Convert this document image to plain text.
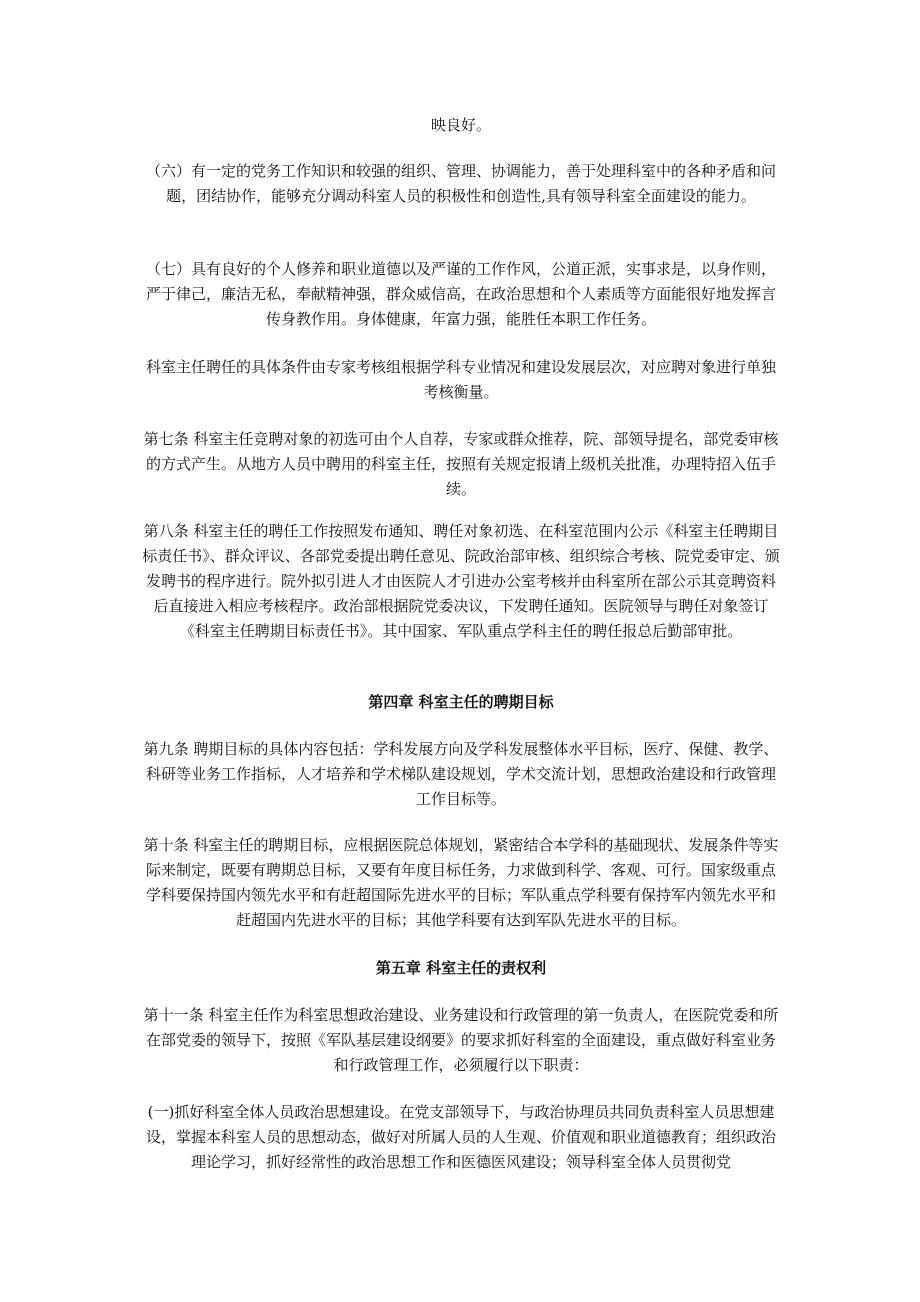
映良好。

（六）有一定的党务工作知识和较强的组织、管理、协调能力，善于处理科室中的各种矛盾和问题，团结协作，能够充分调动科室人员的积极性和创造性,具有领导科室全面建设的能力。

（七）具有良好的个人修养和职业道德以及严谨的工作作风，公道正派，实事求是，以身作则，严于律己，廉洁无私，奉献精神强，群众威信高，在政治思想和个人素质等方面能很好地发挥言传身教作用。身体健康，年富力强，能胜任本职工作任务。

科室主任聘任的具体条件由专家考核组根据学科专业情况和建设发展层次，对应聘对象进行单独考核衡量。

第七条 科室主任竞聘对象的初选可由个人自荐，专家或群众推荐，院、部领导提名，部党委审核的方式产生。从地方人员中聘用的科室主任，按照有关规定报请上级机关批准，办理特招入伍手续。

第八条 科室主任的聘任工作按照发布通知、聘任对象初选、在科室范围内公示《科室主任聘期目标责任书》、群众评议、各部党委提出聘任意见、院政治部审核、组织综合考核、院党委审定、颁发聘书的程序进行。院外拟引进人才由医院人才引进办公室考核并由科室所在部公示其竞聘资料后直接进入相应考核程序。政治部根据院党委决议，下发聘任通知。医院领导与聘任对象签订《科室主任聘期目标责任书》。其中国家、军队重点学科主任的聘任报总后勤部审批。

第四章 科室主任的聘期目标

第九条 聘期目标的具体内容包括：学科发展方向及学科发展整体水平目标，医疗、保健、教学、科研等业务工作指标，人才培养和学术梯队建设规划，学术交流计划，思想政治建设和行政管理工作目标等。

第十条 科室主任的聘期目标，应根据医院总体规划，紧密结合本学科的基础现状、发展条件等实际来制定，既要有聘期总目标，又要有年度目标任务，力求做到科学、客观、可行。国家级重点学科要保持国内领先水平和有赶超国际先进水平的目标；军队重点学科要有保持军内领先水平和赶超国内先进水平的目标；其他学科要有达到军队先进水平的目标。

第五章 科室主任的责权利

第十一条 科室主任作为科室思想政治建设、业务建设和行政管理的第一负责人，在医院党委和所在部党委的领导下，按照《军队基层建设纲要》的要求抓好科室的全面建设，重点做好科室业务和行政管理工作，必须履行以下职责：

(一)抓好科室全体人员政治思想建设。在党支部领导下，与政治协理员共同负责科室人员思想建设，掌握本科室人员的思想动态，做好对所属人员的人生观、价值观和职业道德教育；组织政治理论学习，抓好经常性的政治思想工作和医德医风建设；领导科室全体人员贯彻党
